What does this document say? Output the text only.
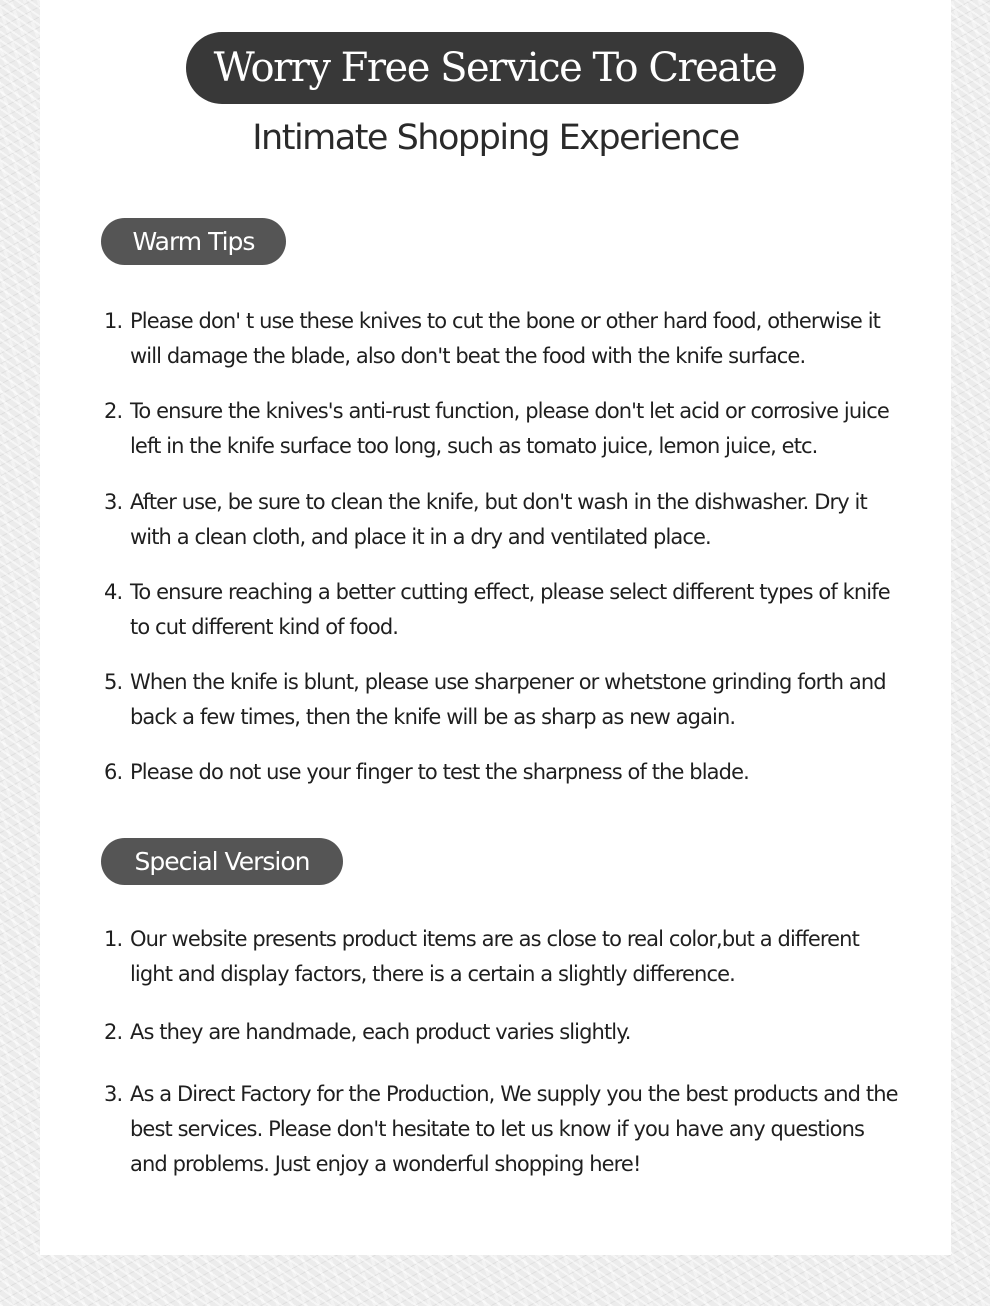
Worry Free Service To Create
Intimate Shopping Experience
Warm Tips
1. Please don' t use these knives to cut the bone or other hard food, otherwise it will damage the blade, also don't beat the food with the knife surface.
2. To ensure the knives's anti-rust function, please don't let acid or corrosive juice left in the knife surface too long, such as tomato juice, lemon juice, etc.
3. After use, be sure to clean the knife, but don't wash in the dishwasher. Dry it with a clean cloth, and place it in a dry and ventilated place.
4. To ensure reaching a better cutting effect, please select different types of knife to cut different kind of food.
5. When the knife is blunt, please use sharpener or whetstone grinding forth and back a few times, then the knife will be as sharp as new again.
6. Please do not use your finger to test the sharpness of the blade.
Special Version
1. Our website presents product items are as close to real color,but a different light and display factors, there is a certain a slightly difference.
2. As they are handmade, each product varies slightly.
3. As a Direct Factory for the Production, We supply you the best products and the best services. Please don't hesitate to let us know if you have any questions and problems. Just enjoy a wonderful shopping here!
